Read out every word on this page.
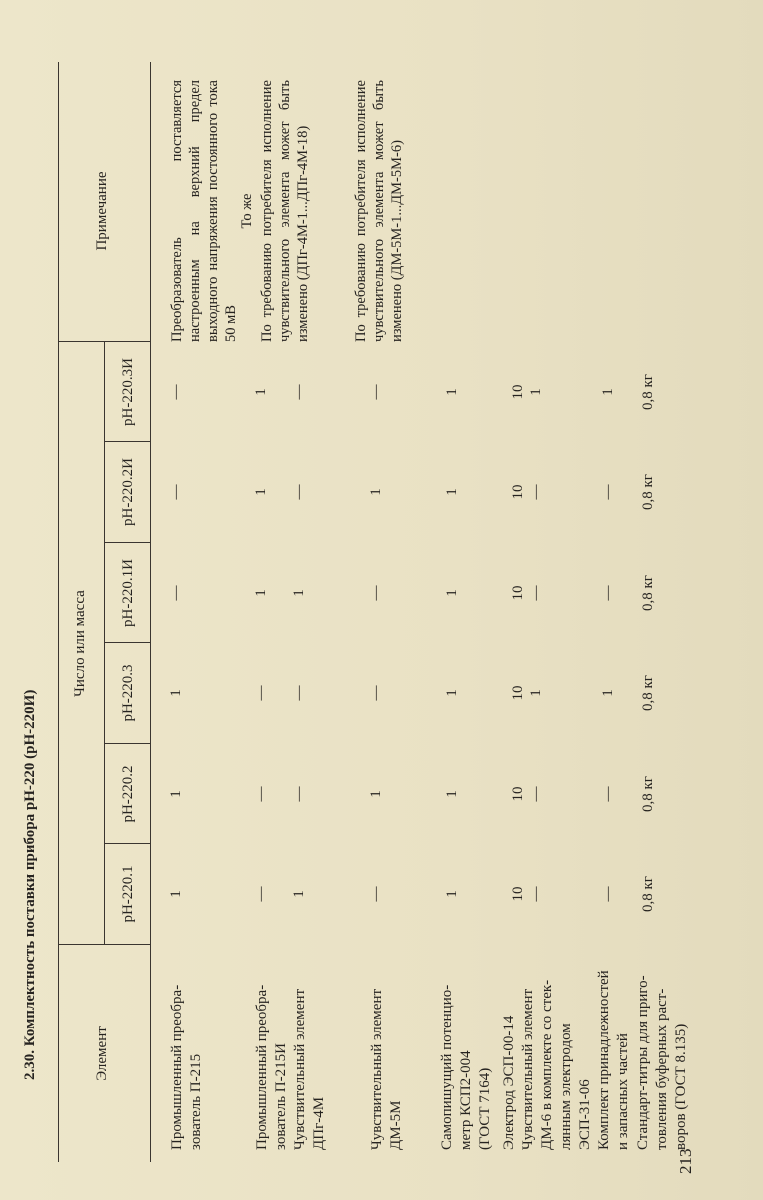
2.30. Комплектность поставки прибора pH-220 (pH-220И)
213
Элемент
Число или масса
pH-220.1
pH-220.2
pH-220.3
pH-220.1И
pH-220.2И
pH-220.3И
Примечание
Промышленный преобра-
зователь П-215
1
1
1
—
—
—
Преобразователь поставляется настроенным на верхний предел выходного напряжения постоянного тока 50 мВ
Промышленный преобра-
зователь П-215И
—
—
—
1
1
1
То же
Чувствительный элемент
ДПг-4М
1
—
—
1
—
—
По требованию потребителя исполнение чувствительного элемента может быть изменено (ДПг-4М-1...ДПг-4М-18)
Чувствительный элемент
ДМ-5М
—
1
—
—
1
—
По требованию потребителя исполнение чувствительного элемента может быть изменено (ДМ-5М-1...ДМ-5М-6)
Самопишущий потенцио-
метр КСП2-004
(ГОСТ 7164)
1
1
1
1
1
1
Электрод ЭСП-00-14
10
10
10
10
10
10
Чувствительный элемент
ДМ-6 в комплекте со стек-
лянным электродом
ЭСП-31-06
—
—
1
—
—
1
Комплект принадлежностей
и запасных частей
—
—
1
—
—
1
Стандарт-титры для приго-
товления буферных раст-
воров (ГОСТ 8.135)
0,8 кг
0,8 кг
0,8 кг
0,8 кг
0,8 кг
0,8 кг
